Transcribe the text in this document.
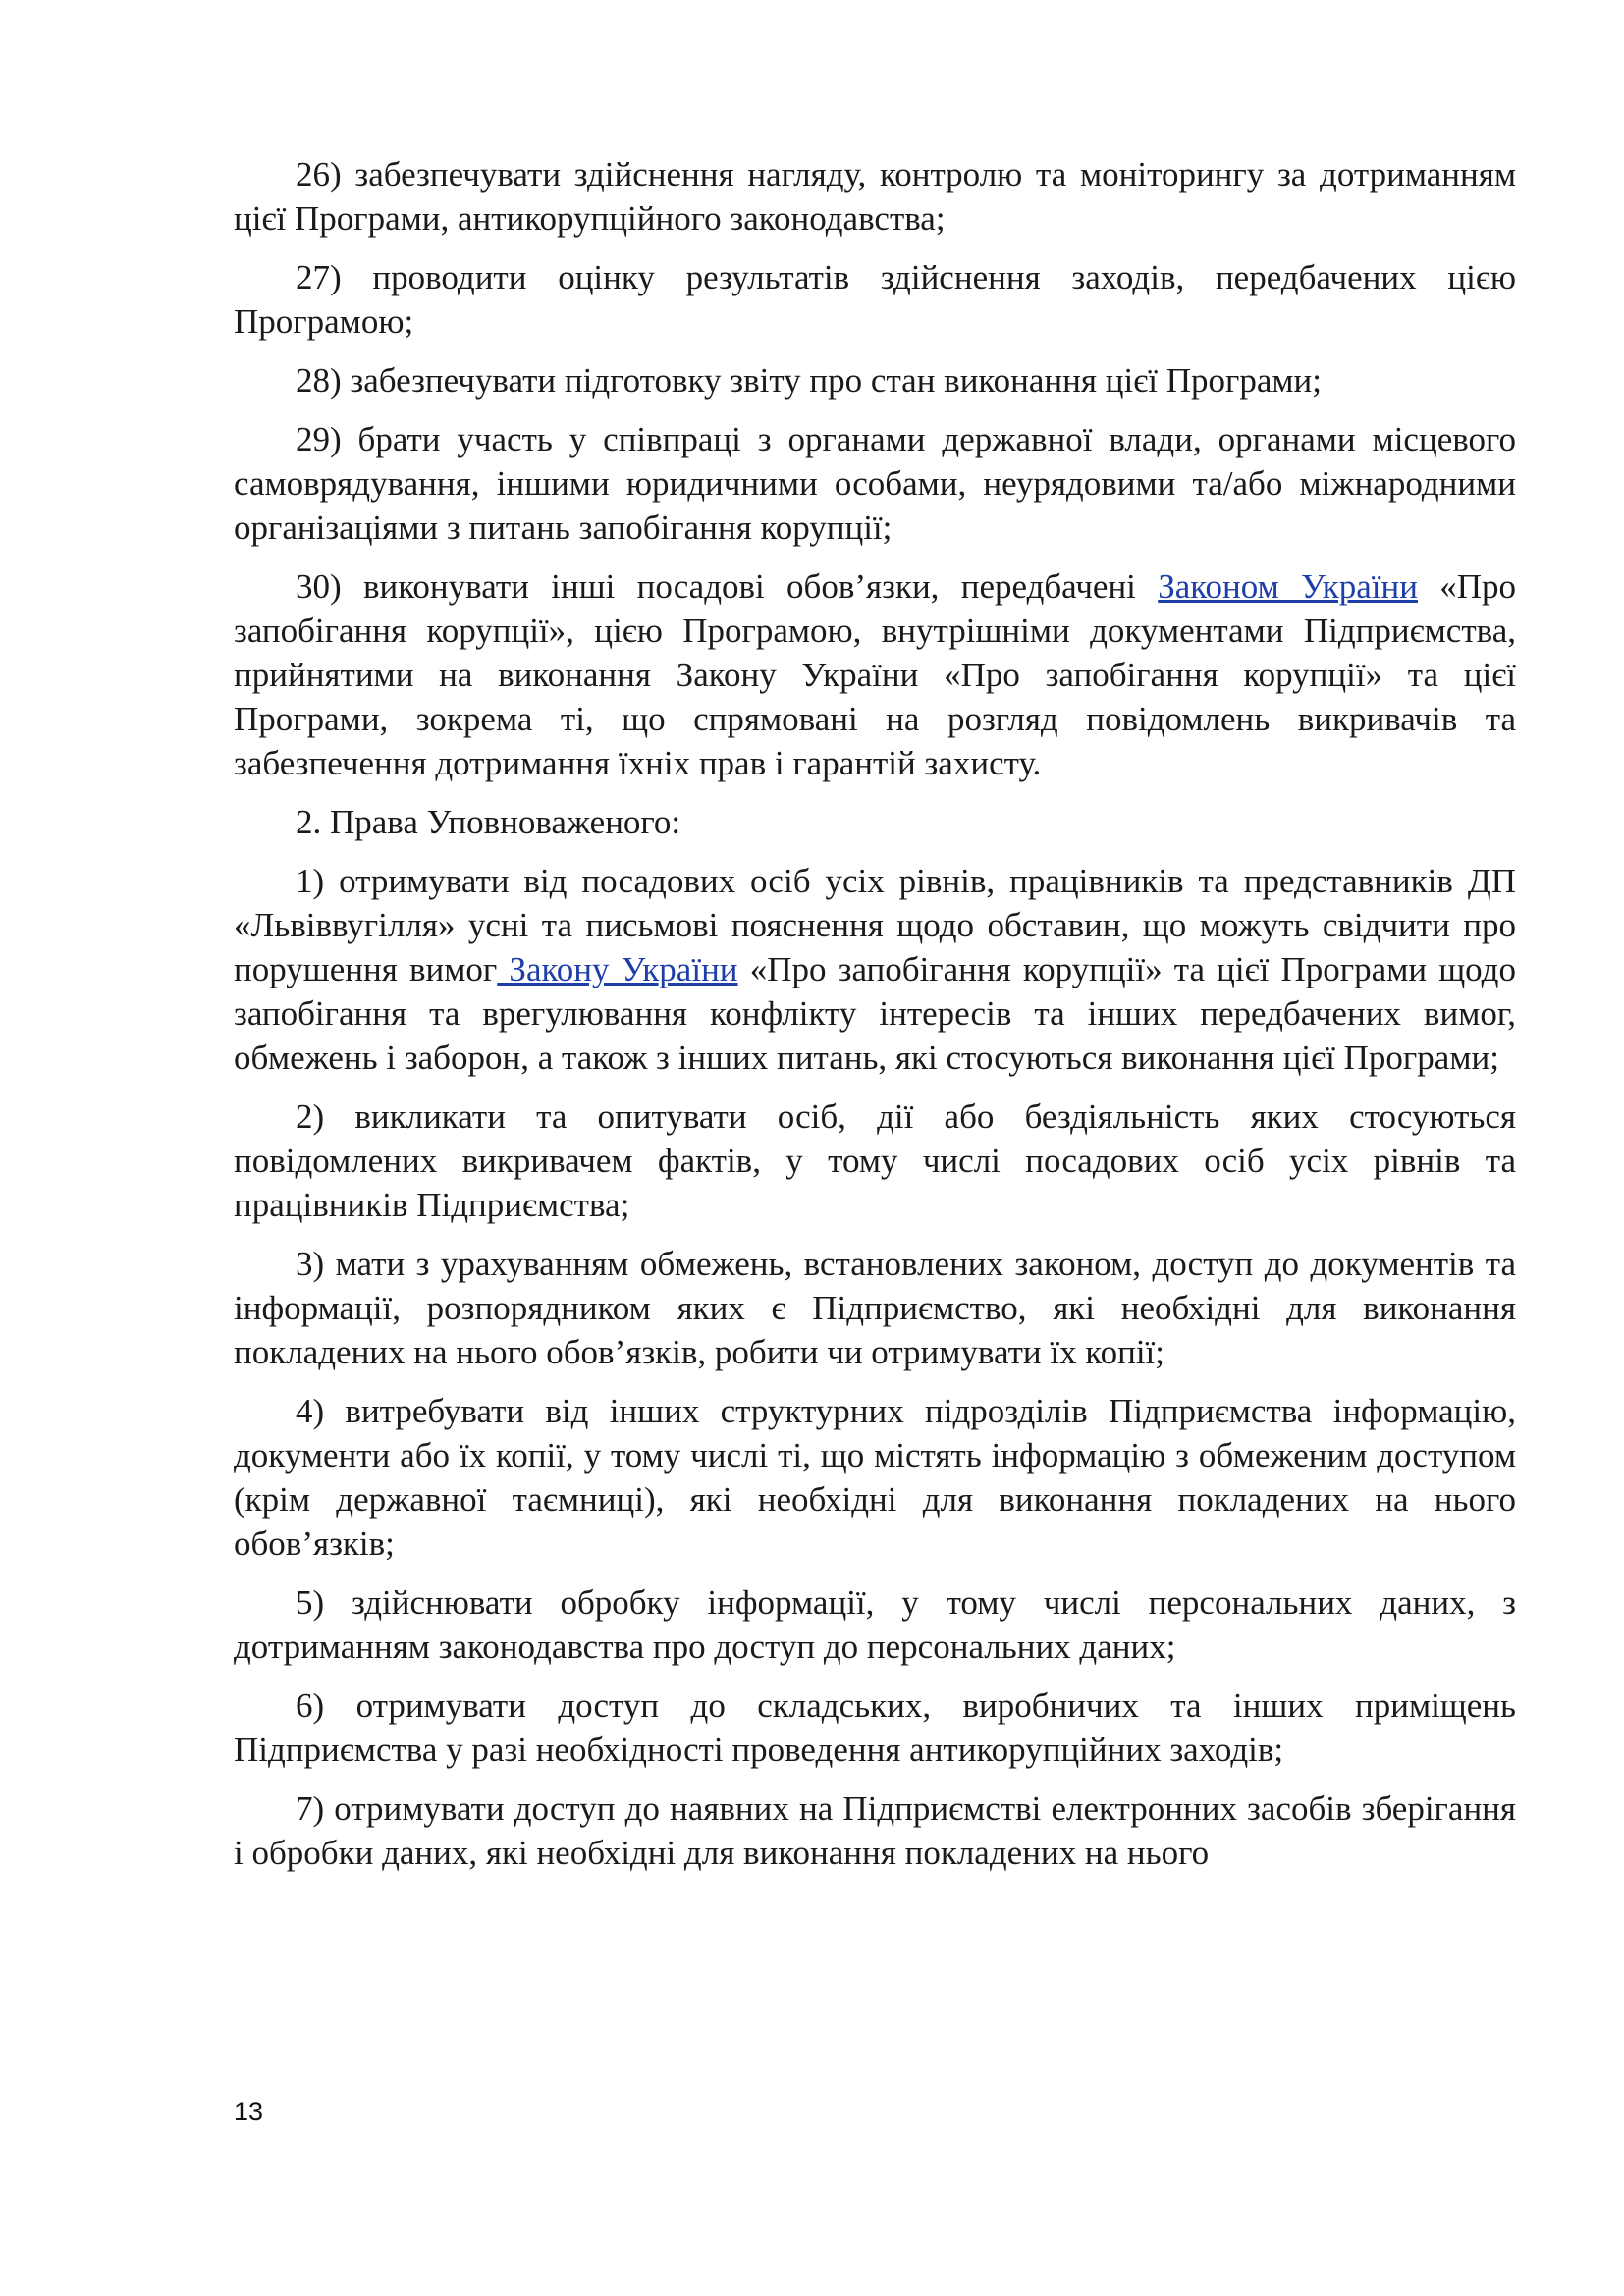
26) забезпечувати здійснення нагляду, контролю та моніторингу за дотриманням цієї Програми, антикорупційного законодавства;

27) проводити оцінку результатів здійснення заходів, передбачених цією Програмою;

28) забезпечувати підготовку звіту про стан виконання цієї Програми;

29) брати участь у співпраці з органами державної влади, органами місцевого самоврядування, іншими юридичними особами, неурядовими та/або міжнародними організаціями з питань запобігання корупції;

30) виконувати інші посадові обов’язки, передбачені Законом України «Про запобігання корупції», цією Програмою, внутрішніми документами Підприємства, прийнятими на виконання Закону України «Про запобігання корупції» та цієї Програми, зокрема ті, що спрямовані на розгляд повідомлень викривачів та забезпечення дотримання їхніх прав і гарантій захисту.

2. Права Уповноваженого:

1) отримувати від посадових осіб усіх рівнів, працівників та представників ДП «Львіввугілля» усні та письмові пояснення щодо обставин, що можуть свідчити про порушення вимог Закону України «Про запобігання корупції» та цієї Програми щодо запобігання та врегулювання конфлікту інтересів та інших передбачених вимог, обмежень і заборон, а також з інших питань, які стосуються виконання цієї Програми;

2) викликати та опитувати осіб, дії або бездіяльність яких стосуються повідомлених викривачем фактів, у тому числі посадових осіб усіх рівнів та працівників Підприємства;

3) мати з урахуванням обмежень, встановлених законом, доступ до документів та інформації, розпорядником яких є Підприємство, які необхідні для виконання покладених на нього обов’язків, робити чи отримувати їх копії;

4) витребувати від інших структурних підрозділів Підприємства інформацію, документи або їх копії, у тому числі ті, що містять інформацію з обмеженим доступом (крім державної таємниці), які необхідні для виконання покладених на нього обов’язків;

5) здійснювати обробку інформації, у тому числі персональних даних, з дотриманням законодавства про доступ до персональних даних;

6) отримувати доступ до складських, виробничих та інших приміщень Підприємства у разі необхідності проведення антикорупційних заходів;

7) отримувати доступ до наявних на Підприємстві електронних засобів зберігання і обробки даних, які необхідні для виконання покладених на нього

13
